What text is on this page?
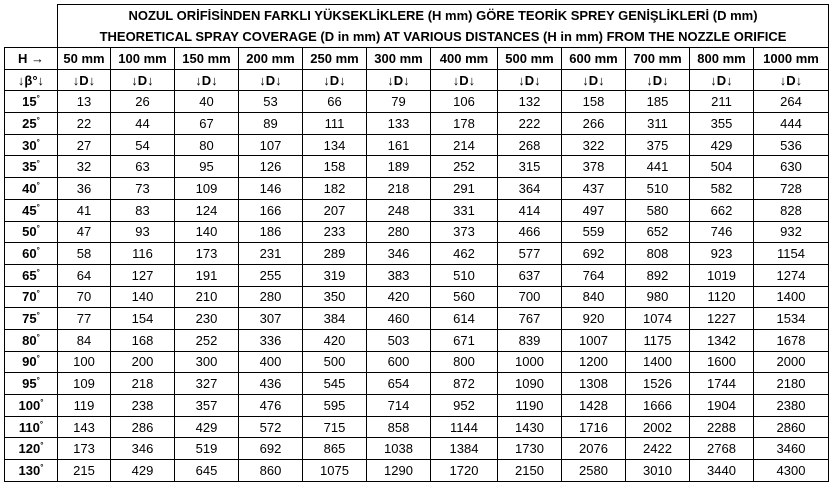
	NOZUL ORİFİSİNDEN FARKLI YÜKSEKLİKLERE (H mm) GÖRE TEORİK SPREY GENİŞLİKLERİ (D mm)
THEORETICAL SPRAY COVERAGE (D in mm) AT VARIOUS DISTANCES (H in mm) FROM THE NOZZLE ORIFICE											

H →	50 mm	100 mm	150 mm	200 mm	250 mm	300 mm	400 mm	500 mm	600 mm	700 mm	800 mm	1000 mm
↓β°↓	↓D↓	↓D↓	↓D↓	↓D↓	↓D↓	↓D↓	↓D↓	↓D↓	↓D↓	↓D↓	↓D↓	↓D↓
15°	13	26	40	53	66	79	106	132	158	185	211	264
25°	22	44	67	89	111	133	178	222	266	311	355	444
30°	27	54	80	107	134	161	214	268	322	375	429	536
35°	32	63	95	126	158	189	252	315	378	441	504	630
40°	36	73	109	146	182	218	291	364	437	510	582	728
45°	41	83	124	166	207	248	331	414	497	580	662	828
50°	47	93	140	186	233	280	373	466	559	652	746	932
60°	58	116	173	231	289	346	462	577	692	808	923	1154
65°	64	127	191	255	319	383	510	637	764	892	1019	1274
70°	70	140	210	280	350	420	560	700	840	980	1120	1400
75°	77	154	230	307	384	460	614	767	920	1074	1227	1534
80°	84	168	252	336	420	503	671	839	1007	1175	1342	1678
90°	100	200	300	400	500	600	800	1000	1200	1400	1600	2000
95°	109	218	327	436	545	654	872	1090	1308	1526	1744	2180
100°	119	238	357	476	595	714	952	1190	1428	1666	1904	2380
110°	143	286	429	572	715	858	1144	1430	1716	2002	2288	2860
120°	173	346	519	692	865	1038	1384	1730	2076	2422	2768	3460
130°	215	429	645	860	1075	1290	1720	2150	2580	3010	3440	4300
